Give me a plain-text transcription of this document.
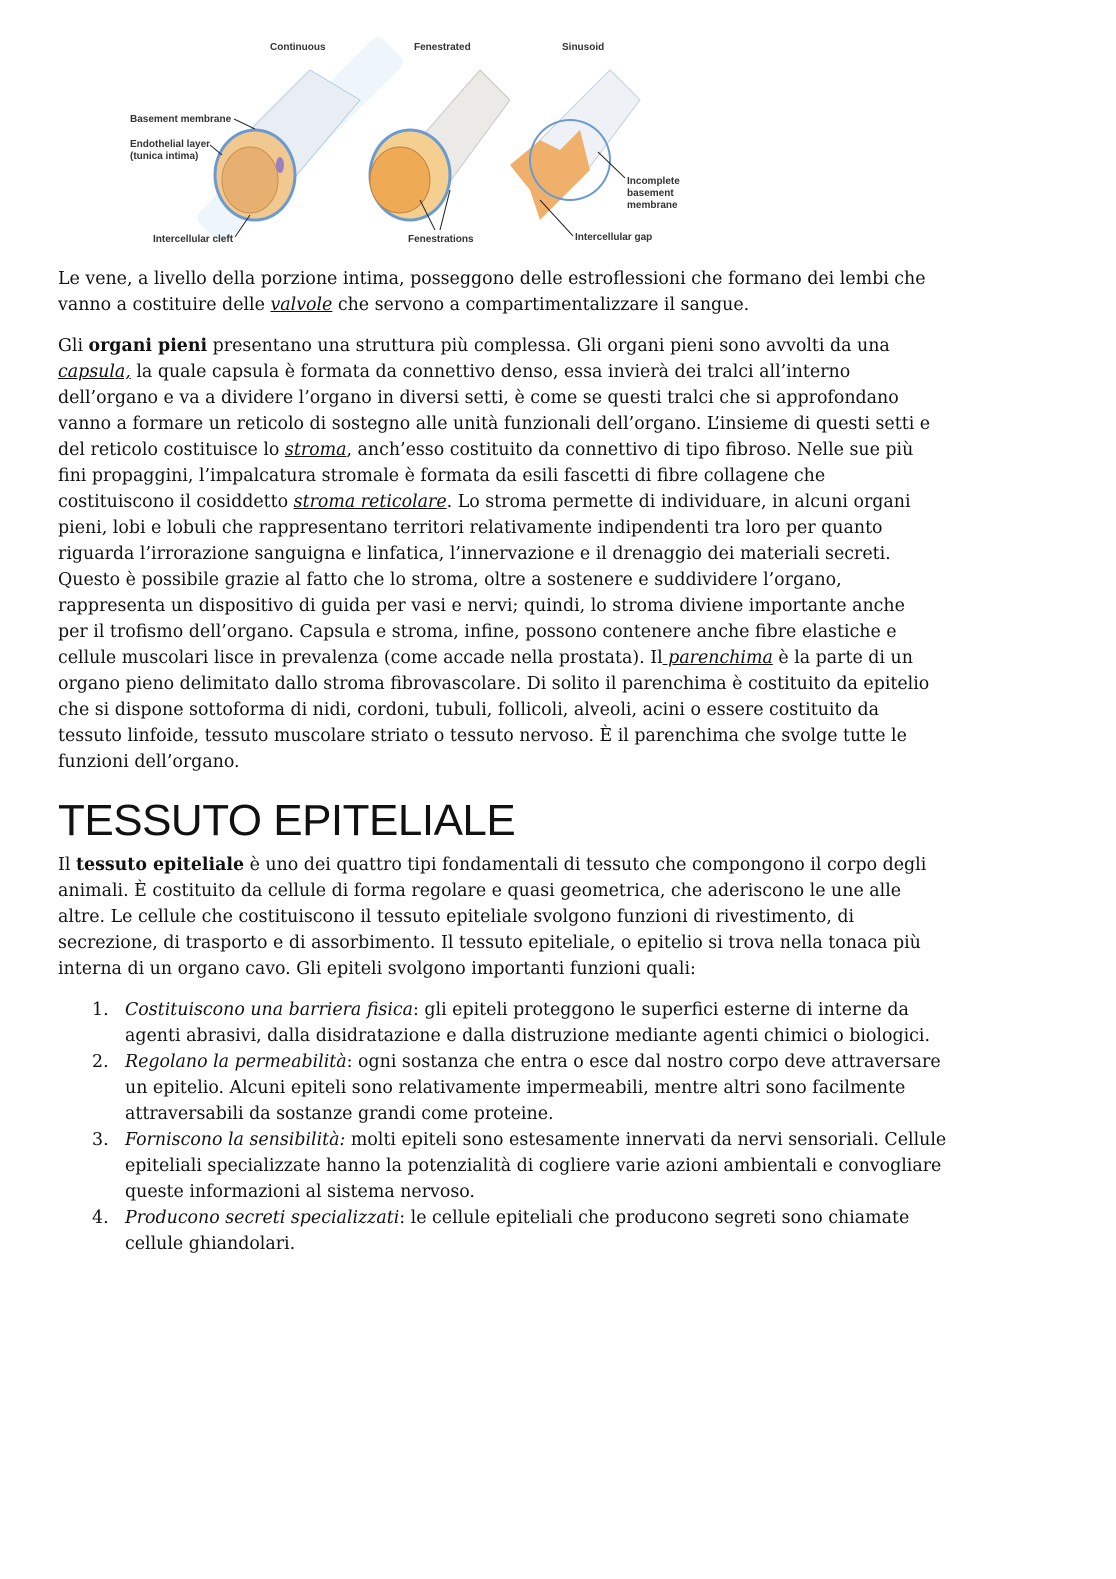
Continuous	Fenestrated	Sinusoid
Basement membrane
Endothelial layer
(tunica intima)
Intercellular cleft	Fenestrations
Incomplete
basement
membrane
Intercellular gap
Le vene, a livello della porzione intima, posseggono delle estroflessioni che formano dei lembi che
vanno a costituire delle valvole che servono a compartimentalizzare il sangue.
Gli organi pieni presentano una struttura più complessa. Gli organi pieni sono avvolti da una
capsula, la quale capsula è formata da connettivo denso, essa invierà dei tralci all’interno
dell’organo e va a dividere l’organo in diversi setti, è come se questi tralci che si approfondano
vanno a formare un reticolo di sostegno alle unità funzionali dell’organo. L’insieme di questi setti e
del reticolo costituisce lo stroma, anch’esso costituito da connettivo di tipo fibroso. Nelle sue più
fini propaggini, l’impalcatura stromale è formata da esili fascetti di fibre collagene che
costituiscono il cosiddetto stroma reticolare. Lo stroma permette di individuare, in alcuni organi
pieni, lobi e lobuli che rappresentano territori relativamente indipendenti tra loro per quanto
riguarda l’irrorazione sanguigna e linfatica, l’innervazione e il drenaggio dei materiali secreti.
Questo è possibile grazie al fatto che lo stroma, oltre a sostenere e suddividere l’organo,
rappresenta un dispositivo di guida per vasi e nervi; quindi, lo stroma diviene importante anche
per il trofismo dell’organo. Capsula e stroma, infine, possono contenere anche fibre elastiche e
cellule muscolari lisce in prevalenza (come accade nella prostata). Il parenchima è la parte di un
organo pieno delimitato dallo stroma fibrovascolare. Di solito il parenchima è costituito da epitelio
che si dispone sottoforma di nidi, cordoni, tubuli, follicoli, alveoli, acini o essere costituito da
tessuto linfoide, tessuto muscolare striato o tessuto nervoso. È il parenchima che svolge tutte le
funzioni dell’organo.
TESSUTO EPITELIALE
Il tessuto epiteliale è uno dei quattro tipi fondamentali di tessuto che compongono il corpo degli
animali. È costituito da cellule di forma regolare e quasi geometrica, che aderiscono le une alle
altre. Le cellule che costituiscono il tessuto epiteliale svolgono funzioni di rivestimento, di
secrezione, di trasporto e di assorbimento. Il tessuto epiteliale, o epitelio si trova nella tonaca più
interna di un organo cavo. Gli epiteli svolgono importanti funzioni quali:
1. Costituiscono una barriera fisica: gli epiteli proteggono le superfici esterne di interne da
agenti abrasivi, dalla disidratazione e dalla distruzione mediante agenti chimici o biologici.
2. Regolano la permeabilità: ogni sostanza che entra o esce dal nostro corpo deve attraversare
un epitelio. Alcuni epiteli sono relativamente impermeabili, mentre altri sono facilmente
attraversabili da sostanze grandi come proteine.
3. Forniscono la sensibilità: molti epiteli sono estesamente innervati da nervi sensoriali. Cellule
epiteliali specializzate hanno la potenzialità di cogliere varie azioni ambientali e convogliare
queste informazioni al sistema nervoso.
4. Producono secreti specializzati: le cellule epiteliali che producono segreti sono chiamate
cellule ghiandolari.
